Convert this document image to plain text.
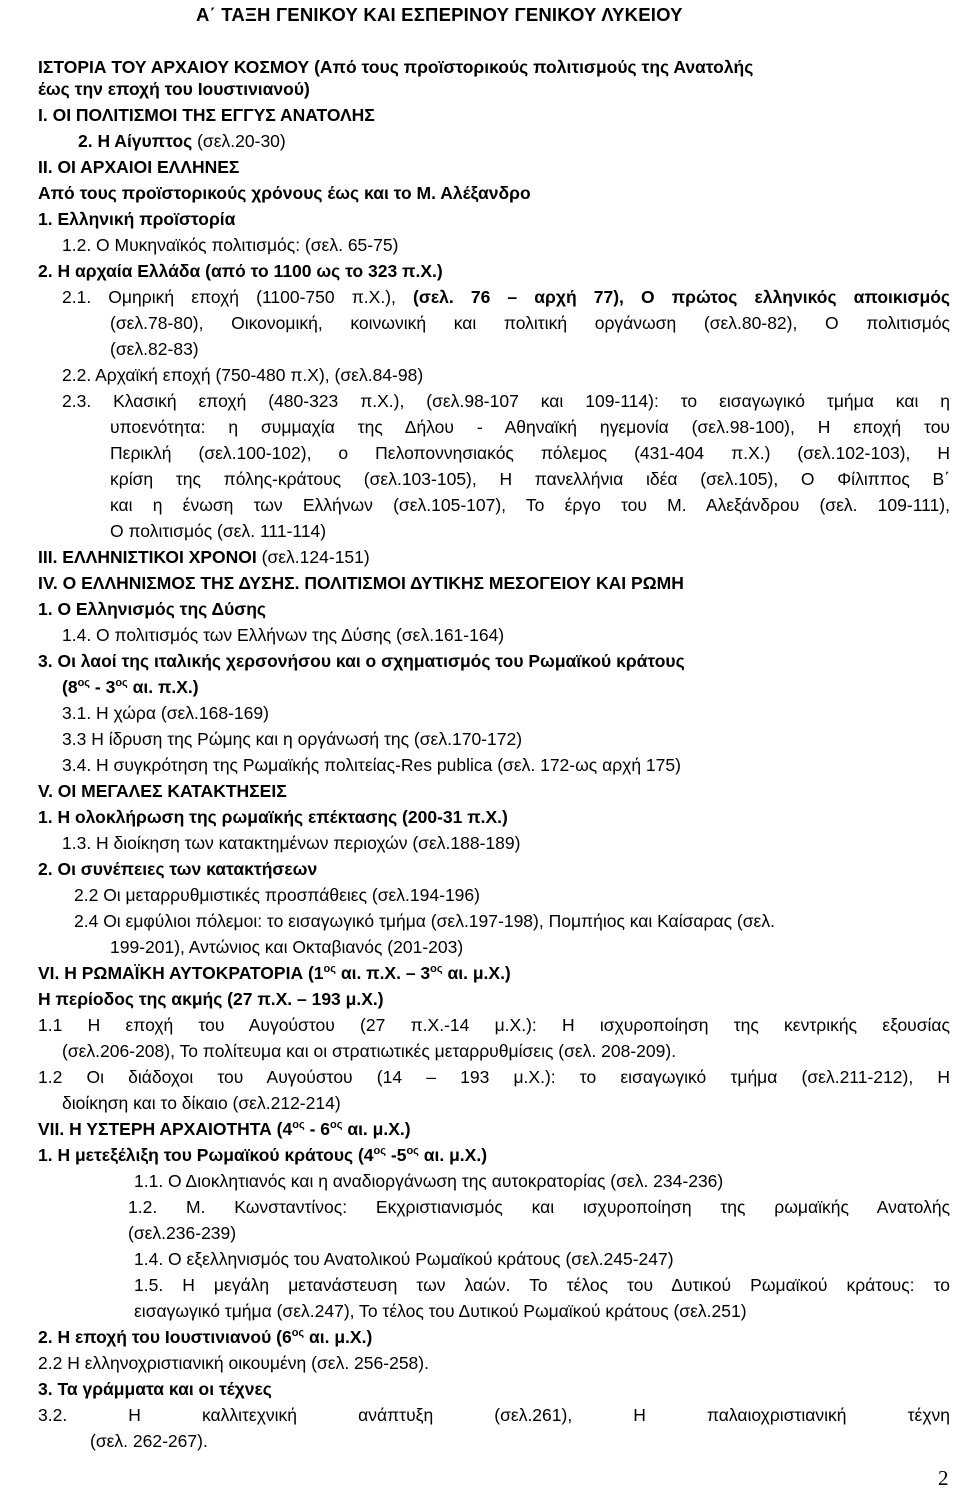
Α΄ ΤΑΞΗ ΓΕΝΙΚΟΥ ΚΑΙ ΕΣΠΕΡΙΝΟΥ ΓΕΝΙΚΟΥ ΛΥΚΕΙΟΥ
ΙΣΤΟΡΙΑ ΤΟΥ ΑΡΧΑΙΟΥ ΚΟΣΜΟΥ (Από τους προϊστορικούς πολιτισμούς της Ανατολής
έως την εποχή του Ιουστινιανού)
Ι. ΟΙ ΠΟΛΙΤΙΣΜΟΙ ΤΗΣ ΕΓΓΥΣ ΑΝΑΤΟΛΗΣ
2. Η Αίγυπτος (σελ.20-30)
ΙΙ. ΟΙ ΑΡΧΑΙΟΙ ΕΛΛΗΝΕΣ
Από τους προϊστορικούς χρόνους έως και το Μ. Αλέξανδρο
1. Ελληνική προϊστορία
1.2. Ο Μυκηναϊκός πολιτισμός: (σελ. 65-75)
2. Η αρχαία Ελλάδα (από το 1100 ως το 323 π.Χ.)
2.1. Ομηρική εποχή (1100-750 π.Χ.), (σελ. 76 – αρχή 77), Ο πρώτος ελληνικός αποικισμός
(σελ.78-80), Οικονομική, κοινωνική και πολιτική οργάνωση (σελ.80-82), Ο πολιτισμός
(σελ.82-83)
2.2. Αρχαϊκή εποχή (750-480 π.Χ), (σελ.84-98)
2.3. Κλασική εποχή (480-323 π.Χ.), (σελ.98-107 και 109-114): το εισαγωγικό τμήμα και η
υποενότητα: η συμμαχία της Δήλου - Αθηναϊκή ηγεμονία (σελ.98-100), Η εποχή του
Περικλή (σελ.100-102), ο Πελοποννησιακός πόλεμος (431-404 π.Χ.) (σελ.102-103), Η
κρίση της πόλης-κράτους (σελ.103-105), Η πανελλήνια ιδέα (σελ.105), Ο Φίλιππος Β΄
και η ένωση των Ελλήνων (σελ.105-107), Το έργο του Μ. Αλεξάνδρου (σελ. 109-111),
Ο πολιτισμός (σελ. 111-114)
ΙΙΙ. ΕΛΛΗΝΙΣΤΙΚΟΙ ΧΡΟΝΟΙ (σελ.124-151)
IV. Ο ΕΛΛΗΝΙΣΜΟΣ ΤΗΣ ΔΥΣΗΣ. ΠΟΛΙΤΙΣΜΟΙ ΔΥΤΙΚΗΣ ΜΕΣΟΓΕΙΟΥ ΚΑΙ ΡΩΜΗ
1. Ο Ελληνισμός της Δύσης
1.4. Ο πολιτισμός των Ελλήνων της Δύσης (σελ.161-164)
3. Οι λαοί της ιταλικής χερσονήσου και ο σχηματισμός του Ρωμαϊκού κράτους
($8^{o\varsigma} - 3^{o\varsigma}$ αι. π.Χ.)
3.1. Η χώρα (σελ.168-169)
3.3 Η ίδρυση της Ρώμης και η οργάνωσή της (σελ.170-172)
3.4. Η συγκρότηση της Ρωμαϊκής πολιτείας-Res publica (σελ. 172-ως αρχή 175)
V. ΟΙ ΜΕΓΑΛΕΣ ΚΑΤΑΚΤΗΣΕΙΣ
1. Η ολοκλήρωση της ρωμαϊκής επέκτασης (200-31 π.Χ.)
1.3. Η διοίκηση των κατακτημένων περιοχών (σελ.188-189)
2. Οι συνέπειες των κατακτήσεων
2.2 Οι μεταρρυθμιστικές προσπάθειες (σελ.194-196)
2.4 Οι εμφύλιοι πόλεμοι: το εισαγωγικό τμήμα (σελ.197-198), Πομπήιος και Καίσαρας (σελ.
199-201), Αντώνιος και Οκταβιανός (201-203)
VI. Η ΡΩΜΑΪΚΗ ΑΥΤΟΚΡΑΤΟΡΙΑ ($1^{o\varsigma}$ αι. π.Χ. – $3^{o\varsigma}$ αι. μ.Χ.)
Η περίοδος της ακμής (27 π.Χ. – 193 μ.Χ.)
1.1 Η εποχή του Αυγούστου (27 π.Χ.-14 μ.Χ.): Η ισχυροποίηση της κεντρικής εξουσίας
(σελ.206-208), Το πολίτευμα και οι στρατιωτικές μεταρρυθμίσεις (σελ. 208-209).
1.2 Οι διάδοχοι του Αυγούστου (14 – 193 μ.Χ.): το εισαγωγικό τμήμα (σελ.211-212), Η
διοίκηση και το δίκαιο (σελ.212-214)
VII. Η ΥΣΤΕΡΗ ΑΡΧΑΙΟΤΗΤΑ ($4^{o\varsigma} - 6^{o\varsigma}$ αι. μ.Χ.)
1. Η μετεξέλιξη του Ρωμαϊκού κράτους ($4^{o\varsigma}$ $-5^{o\varsigma}$ αι. μ.Χ.)
1.1. Ο Διοκλητιανός και η αναδιοργάνωση της αυτοκρατορίας (σελ. 234-236)
1.2. Μ. Κωνσταντίνος: Εκχριστιανισμός και ισχυροποίηση της ρωμαϊκής Ανατολής
(σελ.236-239)
1.4. Ο εξελληνισμός του Ανατολικού Ρωμαϊκού κράτους (σελ.245-247)
1.5. Η μεγάλη μετανάστευση των λαών. Το τέλος του Δυτικού Ρωμαϊκού κράτους: το
εισαγωγικό τμήμα (σελ.247), Το τέλος του Δυτικού Ρωμαϊκού κράτους (σελ.251)
2. Η εποχή του Ιουστινιανού ($6^{o\varsigma}$ αι. μ.Χ.)
2.2 Η ελληνοχριστιανική οικουμένη (σελ. 256-258).
3. Τα γράμματα και οι τέχνες
3.2. Η καλλιτεχνική ανάπτυξη (σελ.261), Η παλαιοχριστιανική τέχνη
(σελ. 262-267).
2
